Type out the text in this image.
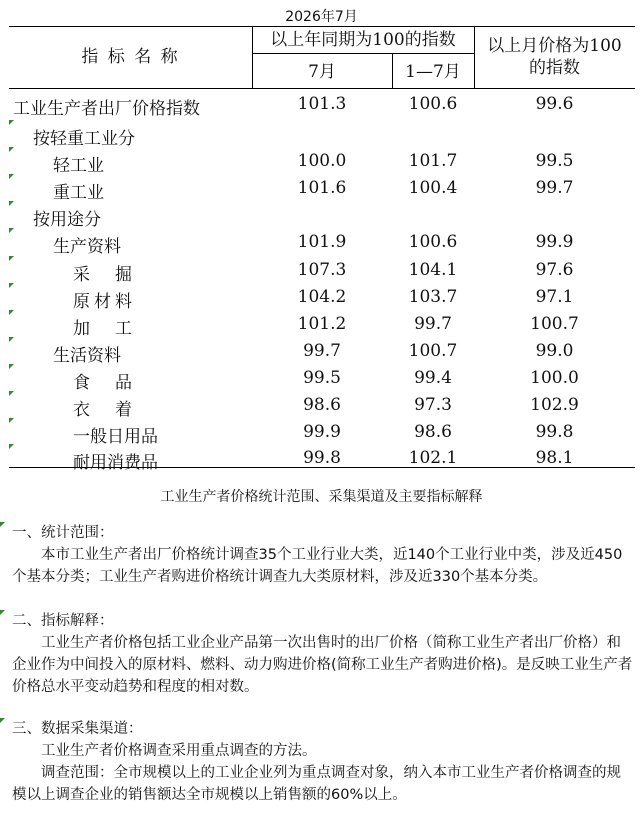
2026年7月
指 标 名 称
以上年同期为100的指数
7月	1—7月
以上月价格为100
的指数
工业生产者出厂价格指数	101.3	100.6	99.6
按轻重工业分
轻工业	100.0	101.7	99.5
重工业	101.6	100.4	99.7
按用途分
生产资料	101.9	100.6	99.9
采　掘	107.3	104.1	97.6
原材料	104.2	103.7	97.1
加　工	101.2	99.7	100.7
生活资料	99.7	100.7	99.0
食　品	99.5	99.4	100.0
衣　着	98.6	97.3	102.9
一般日用品	99.9	98.6	99.8
耐用消费品	99.8	102.1	98.1
工业生产者价格统计范围、采集渠道及主要指标解释
一、统计范围：

　　本市工业生产者出厂价格统计调查35个工业行业大类，近140个工业行业中类，涉及近450个基本分类；工业生产者购进价格统计调查九大类原材料，涉及近330个基本分类。

二、指标解释：

　　工业生产者价格包括工业企业产品第一次出售时的出厂价格（简称工业生产者出厂价格）和企业作为中间投入的原材料、燃料、动力购进价格(简称工业生产者购进价格)。是反映工业生产者价格总水平变动趋势和程度的相对数。

三、数据采集渠道：

　　工业生产者价格调查采用重点调查的方法。

　　调查范围：全市规模以上的工业企业列为重点调查对象，纳入本市工业生产者价格调查的规模以上调查企业的销售额达全市规模以上销售额的60%以上。
